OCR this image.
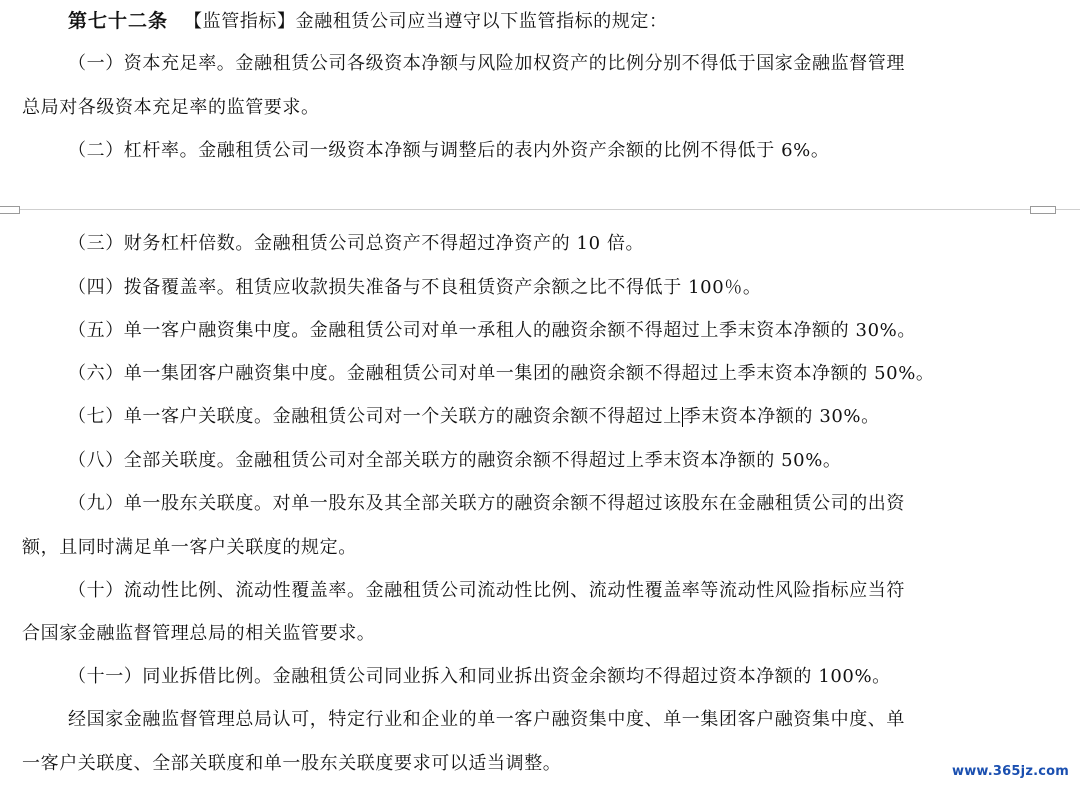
第七十二条 【监管指标】金融租赁公司应当遵守以下监管指标的规定：
（一）资本充足率。金融租赁公司各级资本净额与风险加权资产的比例分别不得低于国家金融监督管理
总局对各级资本充足率的监管要求。
（二）杠杆率。金融租赁公司一级资本净额与调整后的表内外资产余额的比例不得低于 6%。
（三）财务杠杆倍数。金融租赁公司总资产不得超过净资产的 10 倍。
（四）拨备覆盖率。租赁应收款损失准备与不良租赁资产余额之比不得低于 100％。
（五）单一客户融资集中度。金融租赁公司对单一承租人的融资余额不得超过上季末资本净额的 30%。
（六）单一集团客户融资集中度。金融租赁公司对单一集团的融资余额不得超过上季末资本净额的 50%。
（七）单一客户关联度。金融租赁公司对一个关联方的融资余额不得超过上季末资本净额的 30%。
（八）全部关联度。金融租赁公司对全部关联方的融资余额不得超过上季末资本净额的 50%。
（九）单一股东关联度。对单一股东及其全部关联方的融资余额不得超过该股东在金融租赁公司的出资
额，且同时满足单一客户关联度的规定。
（十）流动性比例、流动性覆盖率。金融租赁公司流动性比例、流动性覆盖率等流动性风险指标应当符
合国家金融监督管理总局的相关监管要求。
（十一）同业拆借比例。金融租赁公司同业拆入和同业拆出资金余额均不得超过资本净额的 100%。
经国家金融监督管理总局认可，特定行业和企业的单一客户融资集中度、单一集团客户融资集中度、单
一客户关联度、全部关联度和单一股东关联度要求可以适当调整。	www.365jz.com
